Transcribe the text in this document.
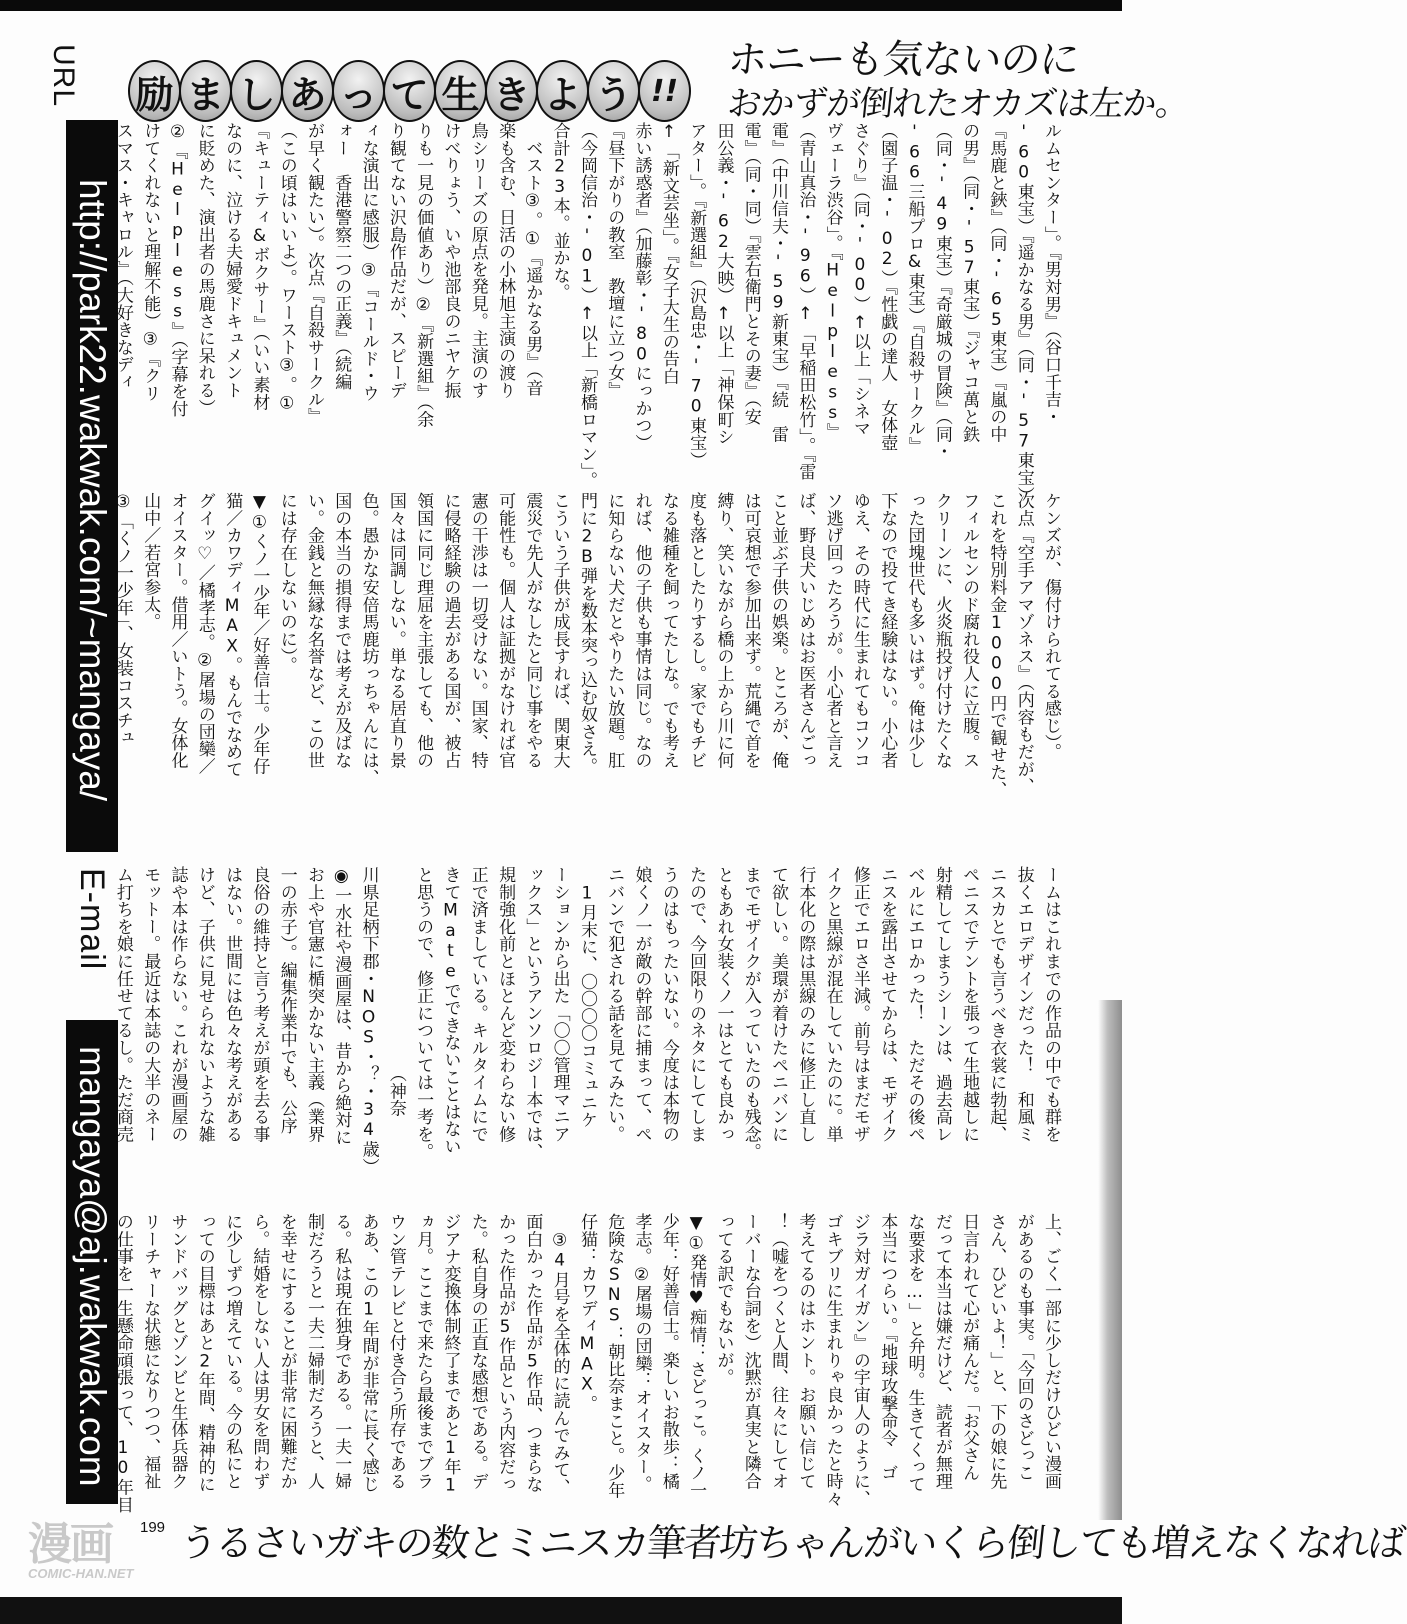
URL
http://park22.wakwak.com/~mangaya/
E-mail
mangaya@aj.wakwak.com
励 ま し あ っ て 生 き よ う !!
ホニーも気ないのに
おかずが倒れたオカズは左か。
ルムセンター」。『男対男』（谷口千吉・
'60東宝）『遥かなる男』（同・'57東宝）
『馬鹿と鋏』（同・'65東宝）『嵐の中
の男』（同・'57東宝）『ジャコ萬と鉄
（同・'49東宝）『奇厳城の冒険』（同・
'66三船プロ&東宝）『自殺サークル』
（園子温・'02）『性戯の達人　女体壺
さぐり』（同・'00）↑以上「シネマ
ヴェーラ渋谷」。『Helpless』
（青山真治・'96）↑「早稲田松竹」。『雷
電』（中川信夫・'59新東宝）『続　雷
電』（同・同）『雲右衛門とその妻』（安
田公義・'62大映）↑以上「神保町シ
アター」。『新選組』（沢島忠・'70東宝）
↑「新文芸坐」。『女子大生の告白
赤い誘惑者』（加藤彰・'80にっかつ）
『昼下がりの教室　教壇に立つ女』
（今岡信治・'01）↑以上「新橋ロマン」。
合計23本。並かな。
　ベスト③。①『遥かなる男』（音
楽も含む、日活の小林旭主演の渡り
鳥シリーズの原点を発見。主演のす
けべりょう、いや池部良のニヤケ振
りも一見の価値あり）②『新選組』（余
り観てない沢島作品だが、スピーデ
ィな演出に感服）③『コールド・ウ
ォー　香港警察二つの正義』（続編
が早く観たい）。次点『自殺サークル』
（この頃はいいよ）。ワースト③。①
『キューティ&ボクサー』（いい素材
なのに、泣ける夫婦愛ドキュメント
に貶めた、演出者の馬鹿さに呆れる）
②『Helpless』（字幕を付
けてくれないと理解不能）③『クリ
スマス・キャロル』（大好きなディ
ケンズが、傷付けられてる感じ）。
次点『空手アマゾネス』（内容もだが、
これを特別料金1000円で観せた、
フィルセンのド腐れ役人に立腹。ス
クリーンに、火炎瓶投げ付けたくな
った団塊世代も多いはず。俺は少し
下なので投てき経験はない。小心者
ゆえ、その時代に生まれてもコソコ
ソ逃げ回ったろうが。小心者と言え
ば、野良犬いじめはお医者さんごっ
こと並ぶ子供の娯楽。ところが、俺
は可哀想で参加出来ず。荒縄で首を
縛り、笑いながら橋の上から川に何
度も落としたりするし。家でもチビ
なる雑種を飼ってたしな。でも考え
れば、他の子供も事情は同じ。なの
に知らない犬だとやりたい放題。肛
門に2B弾を数本突っ込む奴さえ。
こういう子供が成長すれば、関東大
震災で先人がなしたと同じ事をやる
可能性も。個人は証拠がなければ官
憲の干渉は一切受けない。国家、特
に侵略経験の過去がある国が、被占
領国に同じ理屈を主張しても、他の
国々は同調しない。単なる居直り景
色。愚かな安倍馬鹿坊っちゃんには、
国の本当の損得までは考えが及ばな
い。金銭と無縁な名誉など、この世
には存在しないのに）。
▼①くノ一少年／好善信士。少年仔
猫／カワディMAX。もんでなめて
グイッ♡／橘孝志。②屠場の団欒／
オイスター。借用／いトう。女体化
山中／若宮参太。
③「くノ一少年」、女装コスチュ
ームはこれまでの作品の中でも群を
抜くエロデザインだった！　和風ミ
ニスカとでも言うべき衣裳に勃起、
ペニスでテントを張って生地越しに
射精してしまうシーンは、過去高レ
ベルにエロかった！　ただその後ペ
ニスを露出させてからは、モザイク
修正でエロさ半減。前号はまだモザ
イクと黒線が混在していたのに。単
行本化の際は黒線のみに修正し直し
て欲しい。美環が着けたペニバンに
までモザイクが入っていたのも残念。
ともあれ女装くノ一はとても良かっ
たので、今回限りのネタにしてしま
うのはもったいない。今度は本物の
娘くノ一が敵の幹部に捕まって、ペ
ニバンで犯される話を見てみたい。
　1月末に、〇〇〇〇コミュニケ
ーションから出た「〇〇管理マニア
ックス」というアンソロジー本では、
規制強化前とほとんど変わらない修
正で済ましている。キルタイムにで
きてMateでできないことはない
と思うので、修正については一考を。
　　　　　　　　　　　　（神奈
川県足柄下郡・NOS・？・34歳）
◉一水社や漫画屋は、昔から絶対に
お上や官憲に楯突かない主義（業界
一の赤子）。編集作業中でも、公序
良俗の維持と言う考えが頭を去る事
はない。世間には色々な考えがある
けど、子供に見せられないような雑
誌や本は作らない。これが漫画屋の
モットー。最近は本誌の大半のネー
ム打ちを娘に任せてるし。ただ商売
上、ごく一部に少しだけひどい漫画
があるのも事実。「今回のさどっこ
さん、ひどいよ！」と、下の娘に先
日言われて心が痛んだ。「お父さん
だって本当は嫌だけど、読者が無理
な要求を…」と弁明。生きてくって
本当につらい。『地球攻撃命令　ゴ
ジラ対ガイガン』の宇宙人のように、
ゴキブリに生まれりゃ良かったと時々
考えてるのはホント。お願い信じて
！（嘘をつくと人間、往々にしてオ
ーバーな台詞を）沈黙が真実と隣合
ってる訳でもないが。
▼①発情♥痴情：さどっこ。くノ一
少年：好善信士。楽しいお散歩：橘
孝志。②屠場の団欒：オイスター。
危険なSNS：朝比奈まこと。少年
仔猫：カワディMAX。
　③4月号を全体的に読んでみて、
面白かった作品が5作品、つまらな
かった作品が5作品という内容だっ
た。私自身の正直な感想である。デ
ジアナ変換体制終了まであと1年1
ヵ月。ここまで来たら最後までブラ
ウン管テレビと付き合う所存である
ああ、この1年間が非常に長く感じ
る。私は現在独身である。一夫一婦
制だろうと一夫二婦制だろうと、人
を幸せにすることが非常に困難だか
ら。結婚をしない人は男女を問わず
に少しずつ増えている。今の私にと
っての目標はあと2年間、精神的に
サンドバッグとゾンビと生体兵器ク
リーチャーな状態になりつつ、福祉
の仕事を一生懸命頑張って、10年目
漫画
COMIC-HAN.NET
199 うるさいガキの数とミニスカ筆者坊ちゃんがいくら倒しても増えなくなれば
